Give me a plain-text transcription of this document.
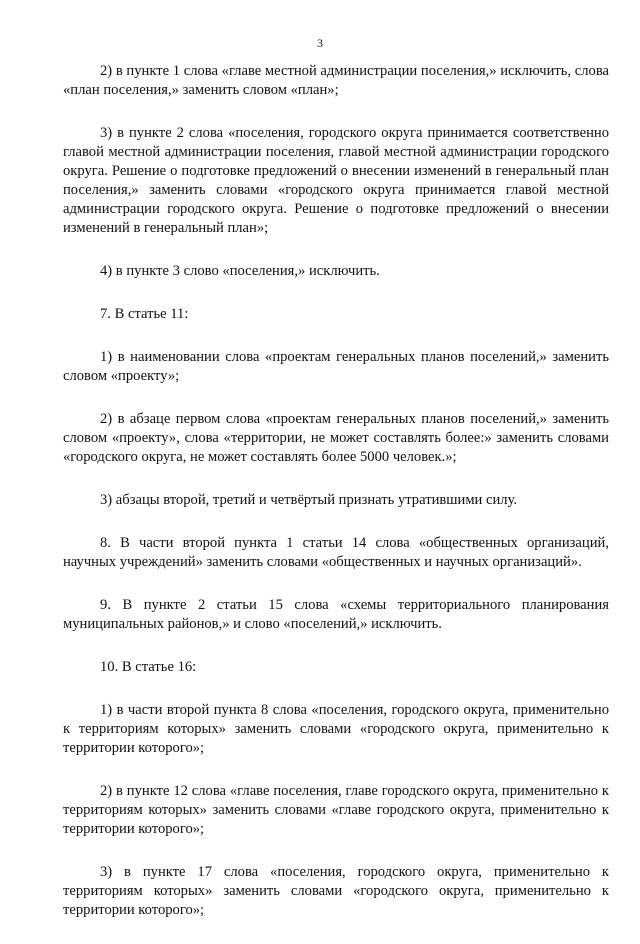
3

2) в пункте 1 слова «главе местной администрации поселения,» исключить, слова «план поселения,» заменить словом «план»;

3) в пункте 2 слова «поселения, городского округа принимается соответственно главой местной администрации поселения, главой местной администрации городского округа. Решение о подготовке предложений о внесении изменений в генеральный план поселения,» заменить словами «городского округа принимается главой местной администрации городского округа. Решение о подготовке предложений о внесении изменений в генеральный план»;

4) в пункте 3 слово «поселения,» исключить.

7. В статье 11:

1) в наименовании слова «проектам генеральных планов поселений,» заменить словом «проекту»;

2) в абзаце первом слова «проектам генеральных планов поселений,» заменить словом «проекту», слова «территории, не может составлять более:» заменить словами «городского округа, не может составлять более 5000 человек.»;

3) абзацы второй, третий и четвёртый признать утратившими силу.

8. В части второй пункта 1 статьи 14 слова «общественных организаций, научных учреждений» заменить словами «общественных и научных организаций».

9. В пункте 2 статьи 15 слова «схемы территориального планирования муниципальных районов,» и слово «поселений,» исключить.

10. В статье 16:

1) в части второй пункта 8 слова «поселения, городского округа, применительно к территориям которых» заменить словами «городского округа, применительно к территории которого»;

2) в пункте 12 слова «главе поселения, главе городского округа, применительно к территориям которых» заменить словами «главе городского округа, применительно к территории которого»;

3) в пункте 17 слова «поселения, городского округа, применительно к территориям которых» заменить словами «городского округа, применительно к территории которого»;
